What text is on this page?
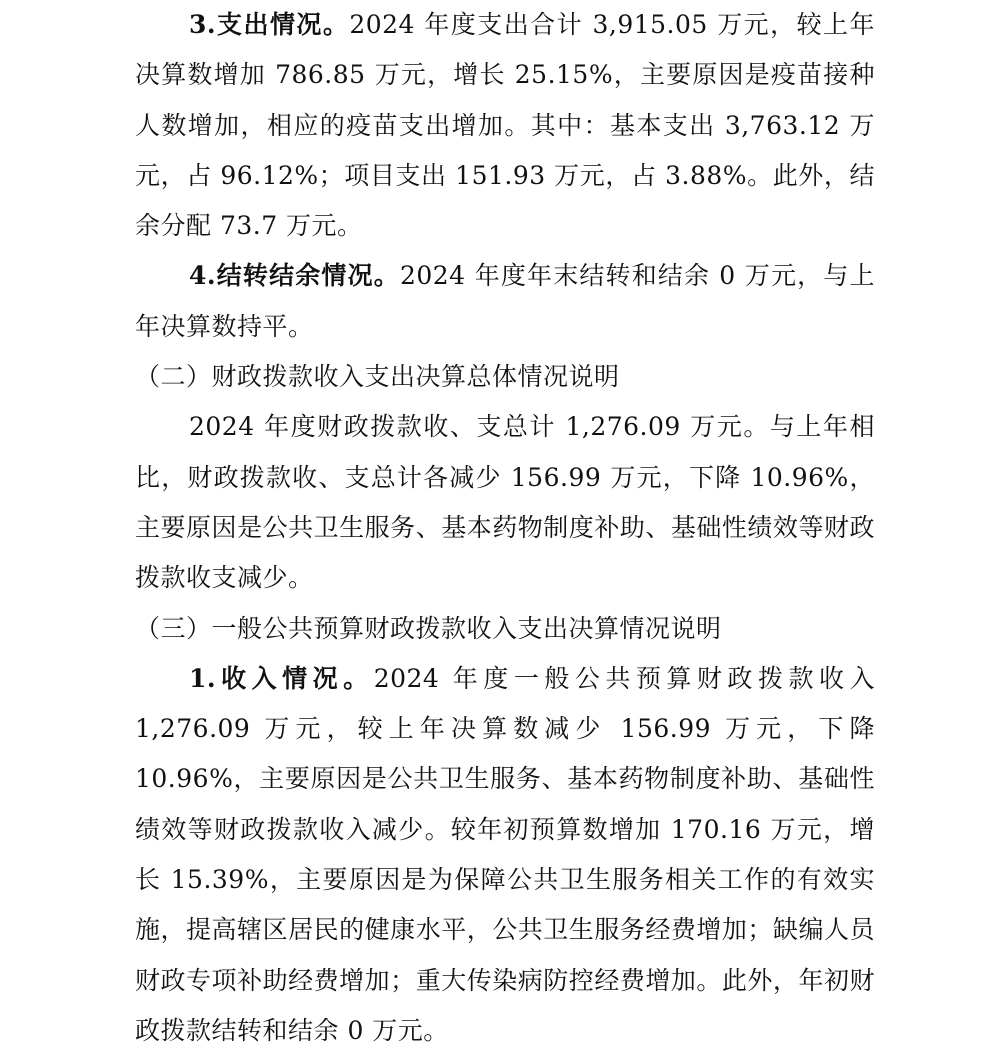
3.支出情况。2024 年度支出合计 3,915.05 万元，较上年决算数增加 786.85 万元，增长 25.15%，主要原因是疫苗接种人数增加，相应的疫苗支出增加。其中：基本支出 3,763.12 万元，占 96.12%；项目支出 151.93 万元，占 3.88%。此外，结余分配 73.7 万元。

4.结转结余情况。2024 年度年末结转和结余 0 万元，与上年决算数持平。

（二）财政拨款收入支出决算总体情况说明

2024 年度财政拨款收、支总计 1,276.09 万元。与上年相比，财政拨款收、支总计各减少 156.99 万元，下降 10.96%，主要原因是公共卫生服务、基本药物制度补助、基础性绩效等财政拨款收支减少。

（三）一般公共预算财政拨款收入支出决算情况说明

1.收入情况。2024 年度一般公共预算财政拨款收入 1,276.09 万元，较上年决算数减少 156.99 万元，下降 10.96%，主要原因是公共卫生服务、基本药物制度补助、基础性绩效等财政拨款收入减少。较年初预算数增加 170.16 万元，增长 15.39%，主要原因是为保障公共卫生服务相关工作的有效实施，提高辖区居民的健康水平，公共卫生服务经费增加；缺编人员财政专项补助经费增加；重大传染病防控经费增加。此外，年初财政拨款结转和结余 0 万元。
